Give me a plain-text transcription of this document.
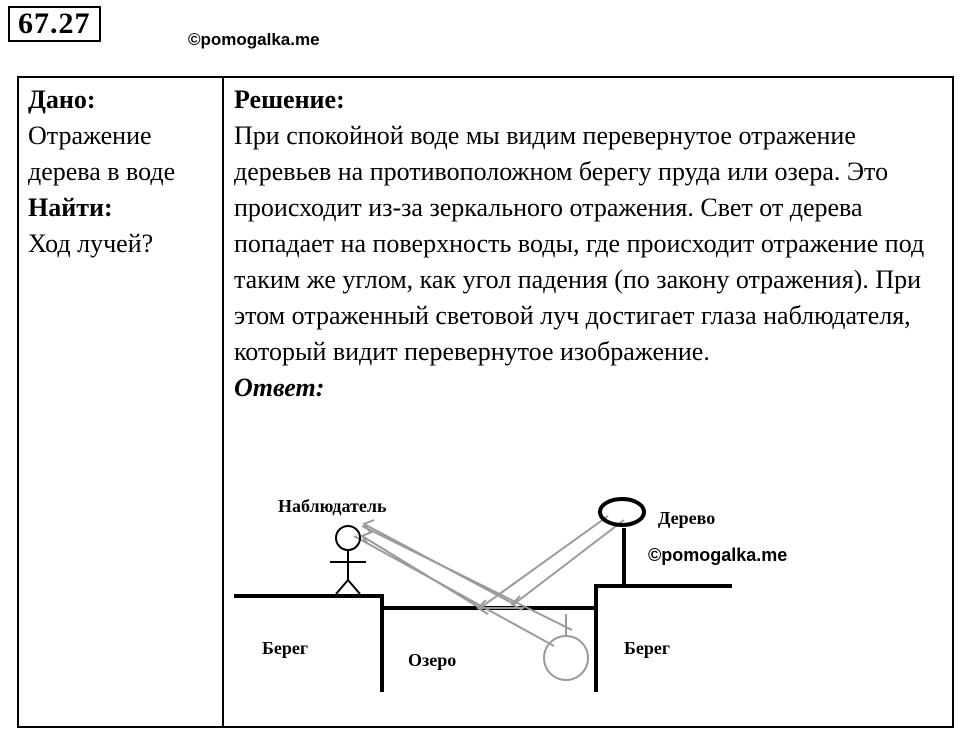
67.27	©pomogalka.me
Дано:
Отражение дерева в воде
Найти:
Ход лучей?
Решение:
При спокойной воде мы видим перевернутое отражение деревьев на противоположном берегу пруда или озера. Это происходит из-за зеркального отражения. Свет от дерева попадает на поверхность воды, где происходит отражение под таким же углом, как угол падения (по закону отражения). При этом отраженный световой луч достигает глаза наблюдателя, который видит перевернутое изображение.
Ответ:
Наблюдатель
Дерево
Берег
Озеро
Берег
©pomogalka.me
